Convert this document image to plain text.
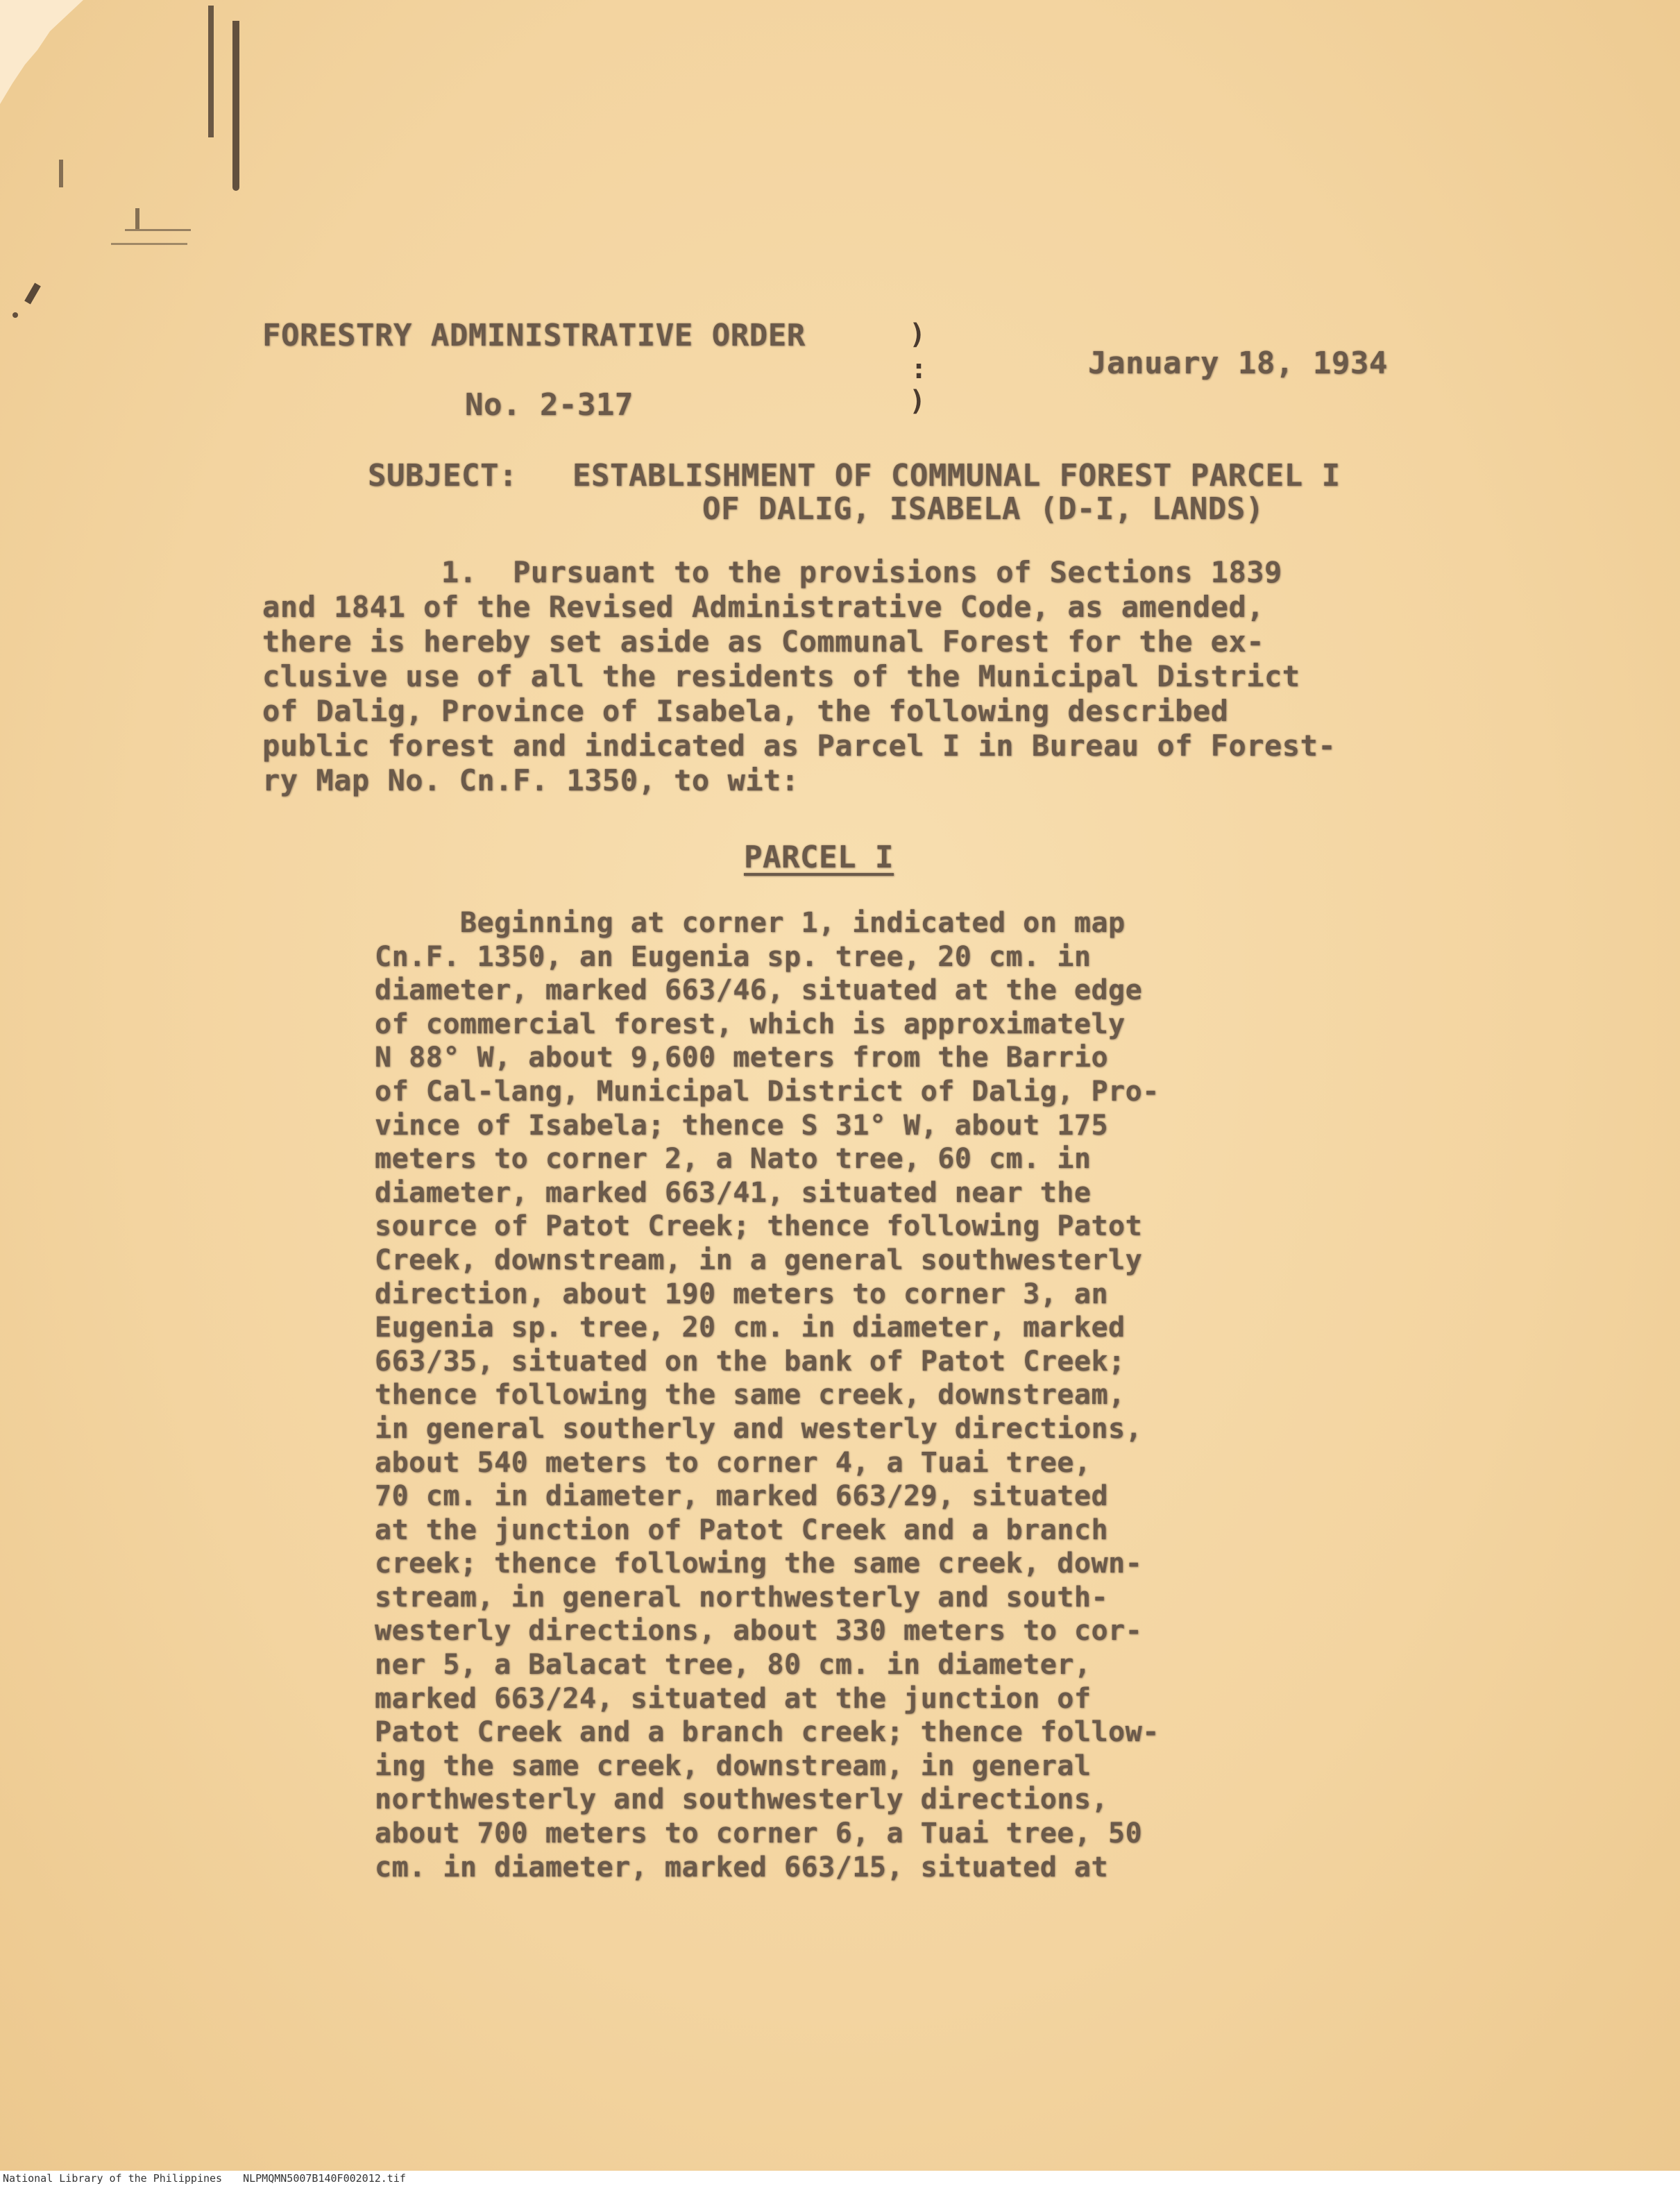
FORESTRY ADMINISTRATIVE ORDER
No. 2-317
)
:
)
January 18, 1934
SUBJECT: ESTABLISHMENT OF COMMUNAL FOREST PARCEL I
OF DALIG, ISABELA (D-I, LANDS)
1.  Pursuant to the provisions of Sections 1839
and 1841 of the Revised Administrative Code, as amended,
there is hereby set aside as Communal Forest for the ex-
clusive use of all the residents of the Municipal District
of Dalig, Province of Isabela, the following described
public forest and indicated as Parcel I in Bureau of Forest-
ry Map No. Cn.F. 1350, to wit:
PARCEL I
Beginning at corner 1, indicated on map
Cn.F. 1350, an Eugenia sp. tree, 20 cm. in
diameter, marked 663/46, situated at the edge
of commercial forest, which is approximately
N 88° W, about 9,600 meters from the Barrio
of Cal-lang, Municipal District of Dalig, Pro-
vince of Isabela; thence S 31° W, about 175
meters to corner 2, a Nato tree, 60 cm. in
diameter, marked 663/41, situated near the
source of Patot Creek; thence following Patot
Creek, downstream, in a general southwesterly
direction, about 190 meters to corner 3, an
Eugenia sp. tree, 20 cm. in diameter, marked
663/35, situated on the bank of Patot Creek;
thence following the same creek, downstream,
in general southerly and westerly directions,
about 540 meters to corner 4, a Tuai tree,
70 cm. in diameter, marked 663/29, situated
at the junction of Patot Creek and a branch
creek; thence following the same creek, down-
stream, in general northwesterly and south-
westerly directions, about 330 meters to cor-
ner 5, a Balacat tree, 80 cm. in diameter,
marked 663/24, situated at the junction of
Patot Creek and a branch creek; thence follow-
ing the same creek, downstream, in general
northwesterly and southwesterly directions,
about 700 meters to corner 6, a Tuai tree, 50
cm. in diameter, marked 663/15, situated at
National Library of the Philippines NLPMQMN5007B140F002012.tif
